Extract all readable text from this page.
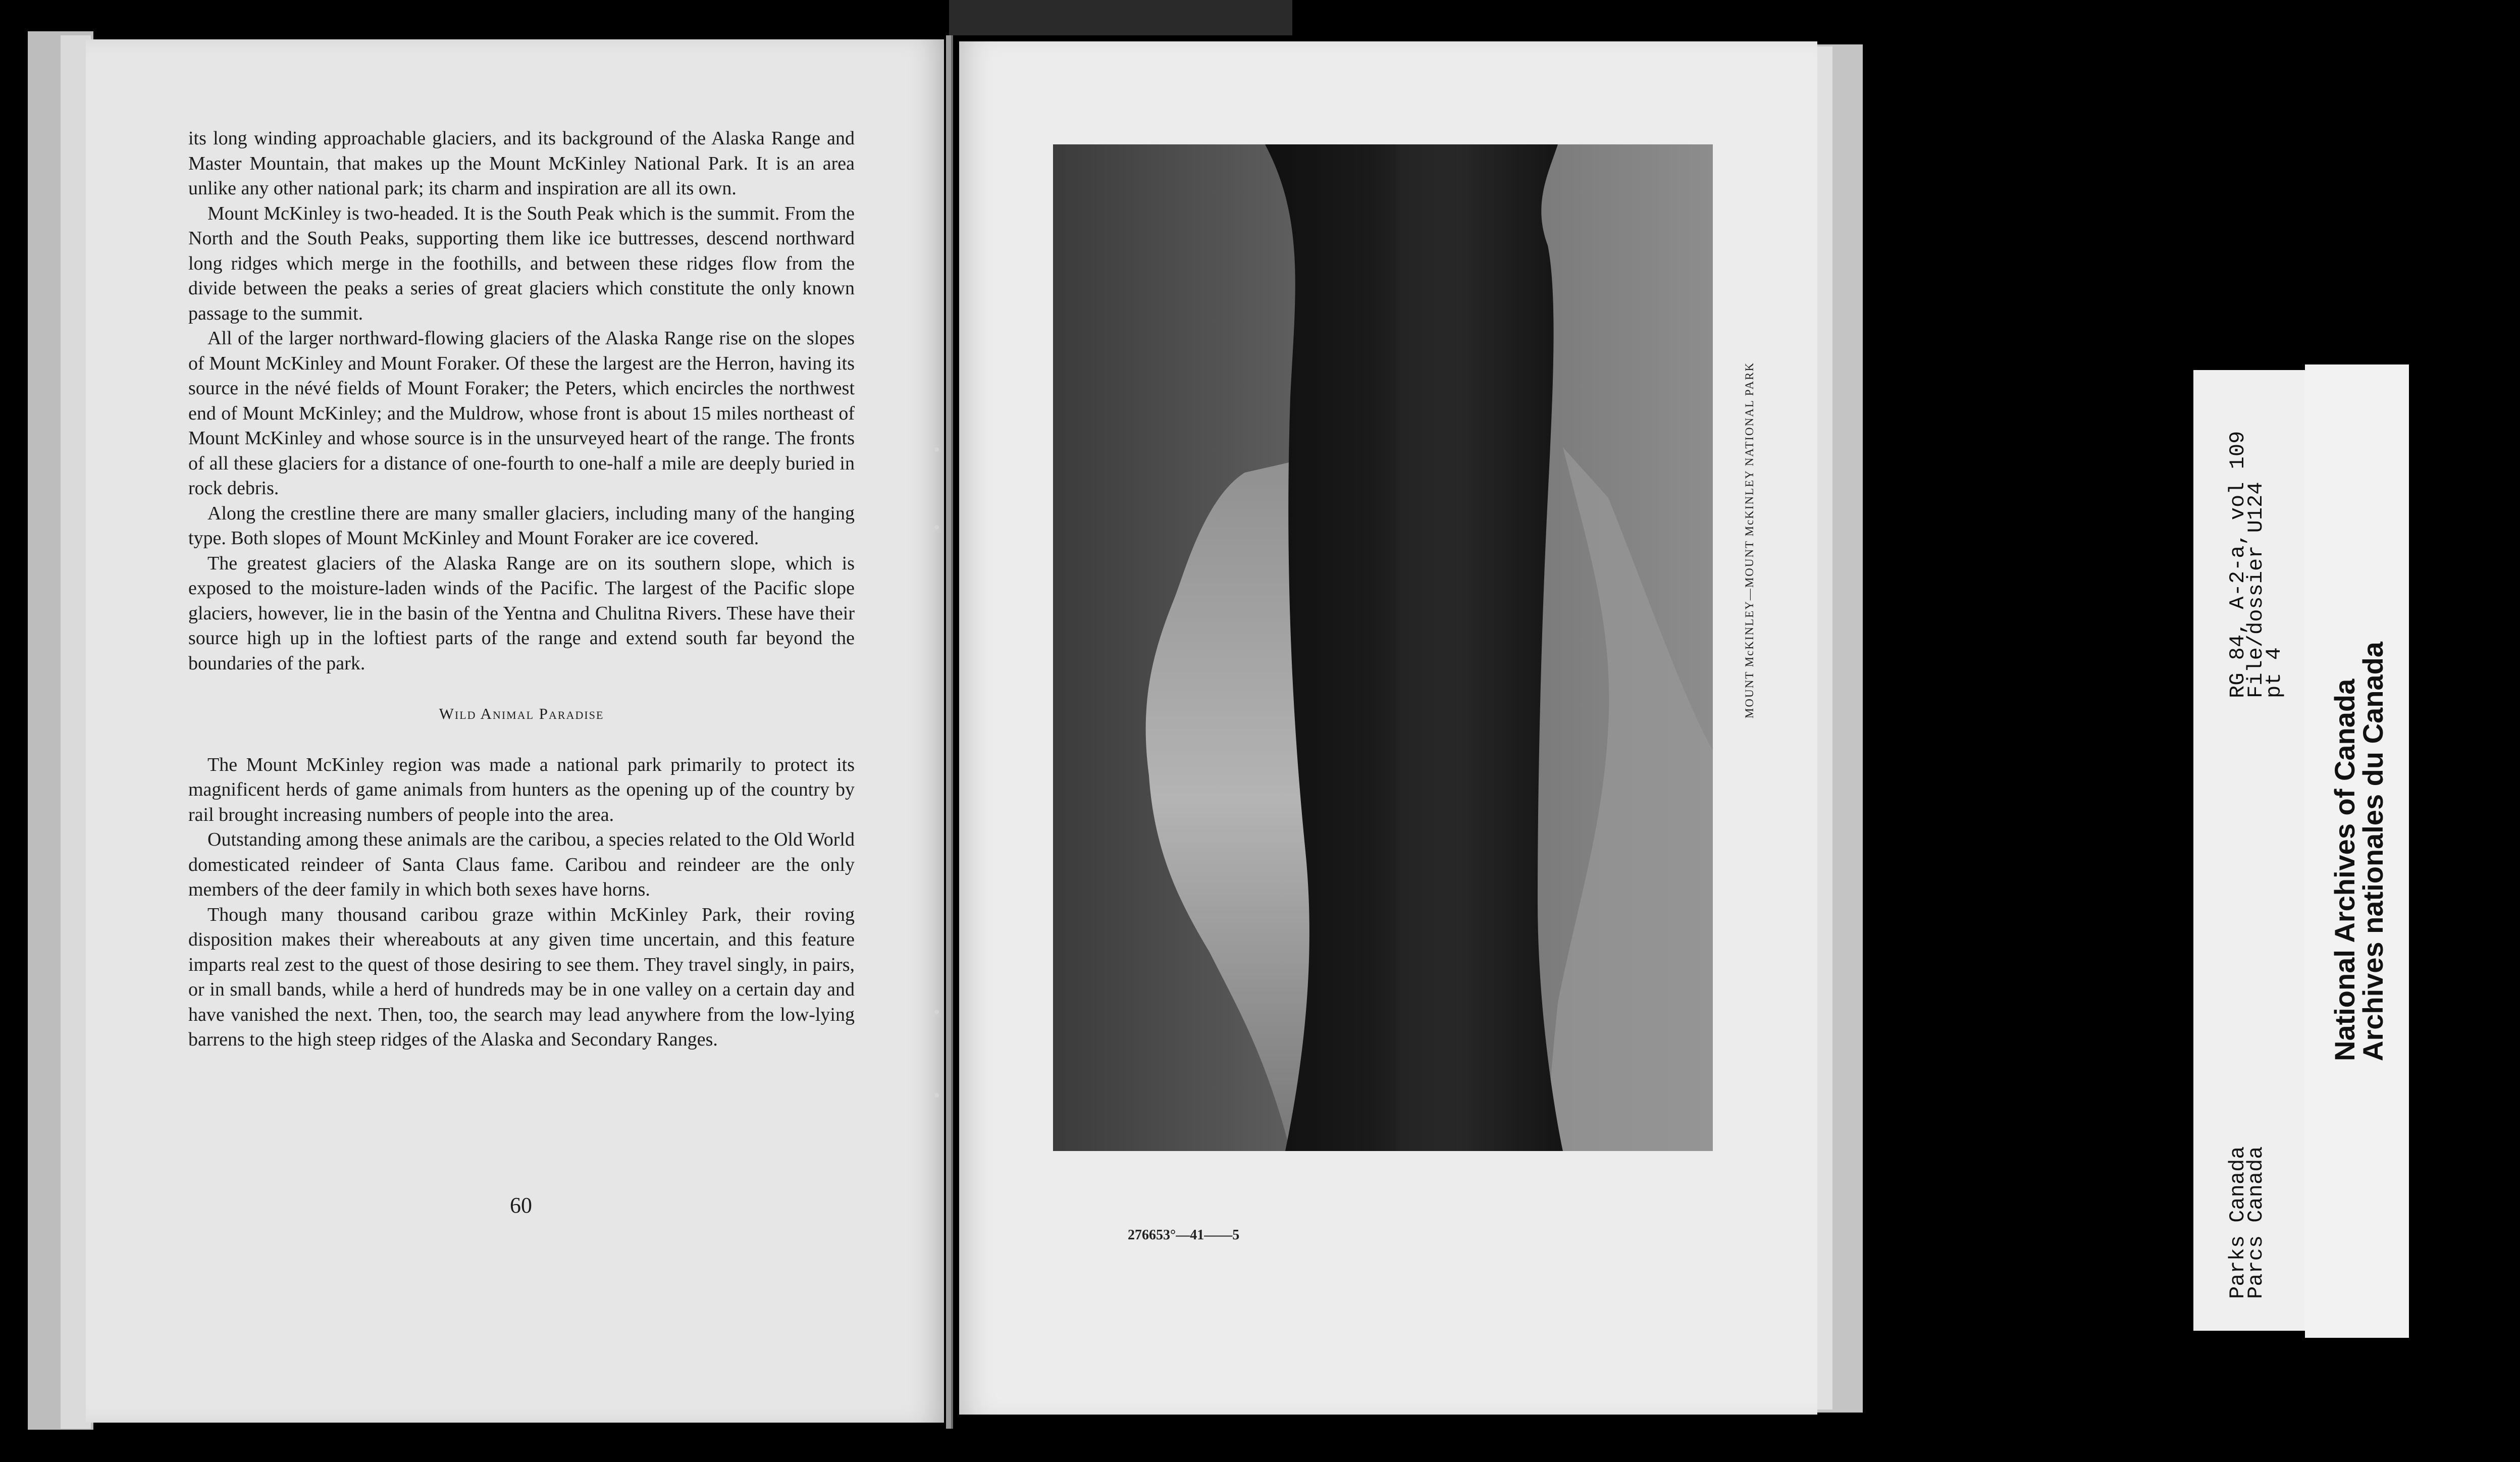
its long winding approachable glaciers, and its background of the Alaska Range and Master Mountain, that makes up the Mount McKinley National Park. It is an area unlike any other national park; its charm and inspiration are all its own.

Mount McKinley is two-headed. It is the South Peak which is the summit. From the North and the South Peaks, supporting them like ice buttresses, descend northward long ridges which merge in the foothills, and between these ridges flow from the divide between the peaks a series of great glaciers which constitute the only known passage to the summit.

All of the larger northward-flowing glaciers of the Alaska Range rise on the slopes of Mount McKinley and Mount Foraker. Of these the largest are the Herron, having its source in the névé fields of Mount Foraker; the Peters, which encircles the northwest end of Mount McKinley; and the Muldrow, whose front is about 15 miles northeast of Mount McKinley and whose source is in the unsurveyed heart of the range. The fronts of all these glaciers for a distance of one-fourth to one-half a mile are deeply buried in rock debris.

Along the crestline there are many smaller glaciers, including many of the hanging type. Both slopes of Mount McKinley and Mount Foraker are ice covered.

The greatest glaciers of the Alaska Range are on its southern slope, which is exposed to the moisture-laden winds of the Pacific. The largest of the Pacific slope glaciers, however, lie in the basin of the Yentna and Chulitna Rivers. These have their source high up in the loftiest parts of the range and extend south far beyond the boundaries of the park.

Wild Animal Paradise

The Mount McKinley region was made a national park primarily to protect its magnificent herds of game animals from hunters as the opening up of the country by rail brought increasing numbers of people into the area.

Outstanding among these animals are the caribou, a species related to the Old World domesticated reindeer of Santa Claus fame. Caribou and reindeer are the only members of the deer family in which both sexes have horns.

Though many thousand caribou graze within McKinley Park, their roving disposition makes their whereabouts at any given time uncertain, and this feature imparts real zest to the quest of those desiring to see them. They travel singly, in pairs, or in small bands, while a herd of hundreds may be in one valley on a certain day and have vanished the next. Then, too, the search may lead anywhere from the low-lying barrens to the high steep ridges of the Alaska and Secondary Ranges.

60
MOUNT McKINLEY—MOUNT McKINLEY NATIONAL PARK
276653°—41——5
RG 84, A-2-a, vol 109
File/dossier U124
pt 4
Parks Canada
Parcs Canada
National Archives of Canada
Archives nationales du Canada
